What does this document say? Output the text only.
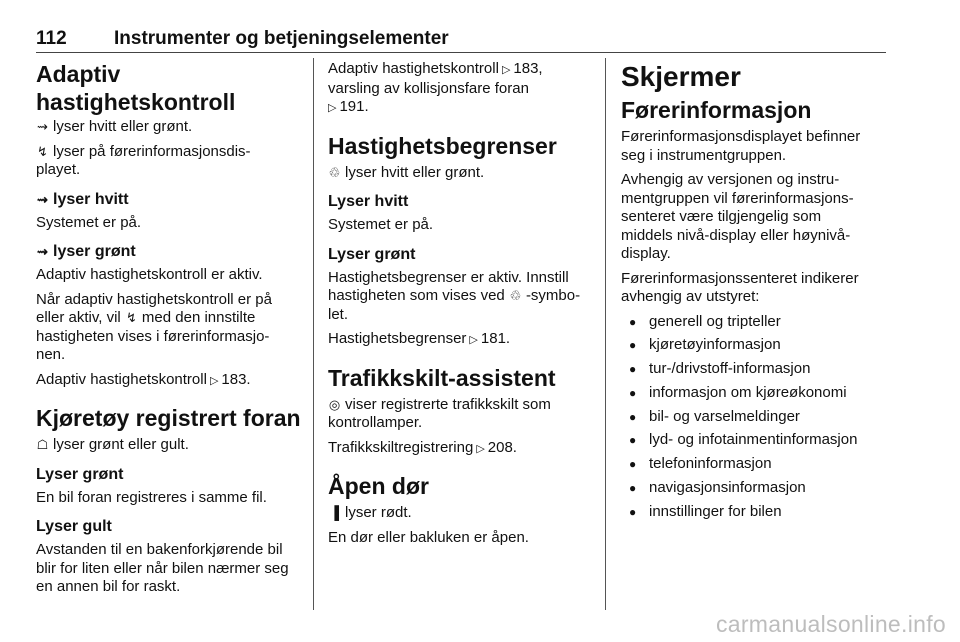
112 Instrumenter og betjeningselementer
Adaptiv hastighetskontroll

⇝ lyser hvitt eller grønt.

↯ lyser på førerinformasjonsdis-
playet.

⇝ lyser hvitt

Systemet er på.

⇝ lyser grønt

Adaptiv hastighetskontroll er aktiv.

Når adaptiv hastighetskontroll er på
eller aktiv, vil ↯ med den innstilte
hastigheten vises i førerinformasjo-
nen.

Adaptiv hastighetskontroll ▷ 183.

Kjøretøy registrert foran

☖ lyser grønt eller gult.

Lyser grønt

En bil foran registreres i samme fil.

Lyser gult

Avstanden til en bakenforkjørende bil
blir for liten eller når bilen nærmer seg
en annen bil for raskt.

Adaptiv hastighetskontroll ▷ 183,
varsling av kollisjonsfare foran
▷ 191.

Hastighetsbegrenser

♲ lyser hvitt eller grønt.

Lyser hvitt

Systemet er på.

Lyser grønt

Hastighetsbegrenser er aktiv. Innstill
hastigheten som vises ved ♲ -symbo-
let.

Hastighetsbegrenser ▷ 181.

Trafikkskilt-assistent

◎ viser registrerte trafikkskilt som
kontrollamper.

Trafikkskiltregistrering ▷ 208.

Åpen dør

▐ lyser rødt.

En dør eller bakluken er åpen.

Skjermer
Førerinformasjon

Førerinformasjonsdisplayet befinner
seg i instrumentgruppen.

Avhengig av versjonen og instru-
mentgruppen vil førerinformasjons-
senteret være tilgjengelig som
middels nivå-display eller høynivå-
display.

Førerinformasjonssenteret indikerer
avhengig av utstyret:

● generell og tripteller
● kjøretøyinformasjon
● tur-/drivstoff-informasjon
● informasjon om kjøreøkonomi
● bil- og varselmeldinger
● lyd- og infotainmentinformasjon
● telefoninformasjon
● navigasjonsinformasjon
● innstillinger for bilen
carmanualsonline.info
